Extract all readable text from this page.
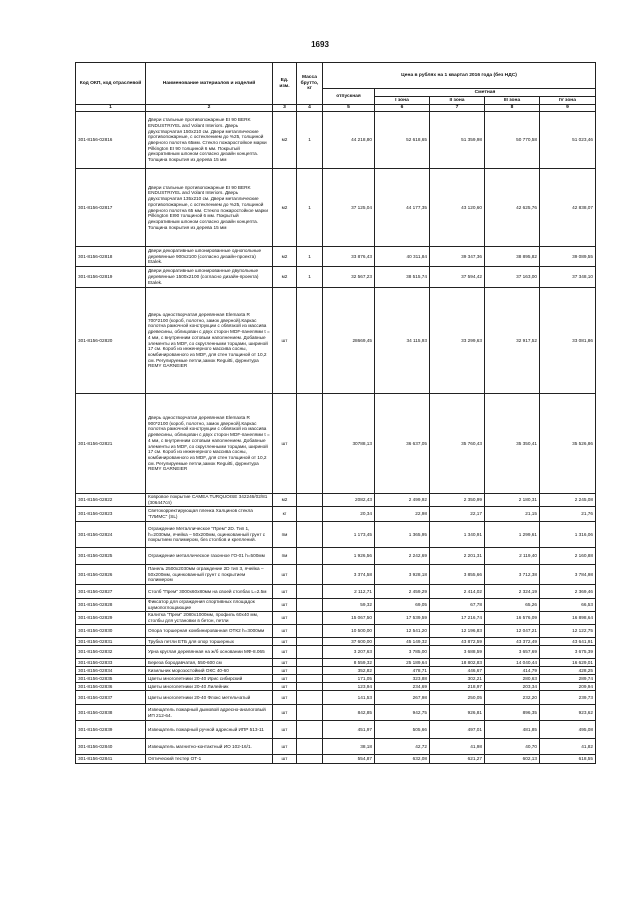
1693
Код ОКП, код отраслевой	Наименование материалов и изделий	Ед. изм.	Масса брутто, кг	Цена в рублях на 1 квартал 2016 года (без НДС)				
				отпускная	Сметная			
					I зона	II зона	III зона	IV зона
1	2	3	4	5	6	7	8	9
301-8156-02816	Двери стальные противопожарные EI 90 BERK ENDUSTRIYEL and Volant Interiors. Дверь двухстворчатая 150х210 см. Двери металлические противопожарные, с остеклением до %25, толщиной дверного полотна 65мм. Стекло пожаростойкое марки Pilkington EI 90 толщиной 6 мм. Покрытый декоративным шпоном согласно дизайн концепта. Толщина покрытия из дерева 15 мм	м2	1	44 218,80	52 618,65	51 359,98	50 770,58	51 023,46
301-8156-02817	Двери стальные противопожарные EI 90 BERK ENDUSTRIYEL and Volant Interiors. Дверь двухстворчатая 135х210 см. Двери металлические противопожарные, с остеклением до %25, толщиной дверного полотна 65 мм. Стекло пожаростойкое марки Pilkington EI90 толщиной 6 мм. Покрытый декоративным шпоном согласно дизайн концепта. Толщина покрытия из дерева 15 мм	м2	1	37 125,04	44 177,35	43 120,60	42 625,76	42 838,07
301-8156-02818	Двери декоративные шпонированные однопольные деревянные 900х2100 (согласно дизайн-проекта) Etalek.	м2	1	33 876,43	40 311,84	39 347,36	38 895,82	39 089,55
301-8156-02819	Двери декоративные шпонированные двупольные деревянные 1500х2100 (согласно дизайн-проекта) Etalek.	м2	1	32 567,23	38 515,74	37 594,42	37 163,00	37 348,10
301-8156-02820	Дверь одностворчатая деревянная Elemaxta R 700*2100 (короб, полотно, замок дверной).Каркас полотна рамочной конструкции с обвязкой из массива древесины, облицован с двух сторон MDF-панелями t = 4 мм, с внутренним сотовым наполнением. Добавные элементы из MDF, со скругленными торцами, шириной 17 см. Короб из инженерного массива сосны, комбинированного из MDF, для стен толщиной от 10,2 см. Регулируемые петли,замок Reguitti, фурнитура REMY GARNEIER	шт		28669,45	34 115,93	33 299,63	32 917,52	33 081,86
301-8156-02821	Дверь одностворчатая деревянная Elemaxta R 900*2100 (короб, полотно, замок дверной).Каркас полотна рамочной конструкции с обвязкой из массива древесины, облицован с двух сторон MDF-панелями t = 4 мм, с внутренним сотовым наполнением. Добавные элементы из MDF, со скругленными торцами, шириной 17 см. Короб из инженерного массива сосны, комбинированного из MDF, для стен толщиной от 10,2 см. Регулируемые петли,замок Reguitti, фурнитура REMY GARNEIER	шт		30788,13	36 637,05	35 760,43	35 350,41	35 526,86
301-8156-02822	Ковровое покрытие CAMEA TURQUOISE 342246/02/81 (306447сп)	м2		2082,43	2 499,92	2 350,99	2 180,31	2 245,08
301-8156-02823	Светокорректирующая пленка Халцинов стекла "ГЛИМС" (SL)	кг		20,34	22,98	22,17	21,15	21,76
301-8156-02824	Ограждение Металлическое "Прем" 2D. Тип 1, h=2030мм, ячейка – 50х200мм, оцинкованный грунт с покрытием полимером, без столбов и креплений.	пм		1 173,45	1 365,95	1 340,91	1 299,61	1 316,06
301-8156-02825	Ограждение металлическое газонное ГО-01 h=500мм	пм		1 926,56	2 242,69	2 201,31	2 119,40	2 160,88
301-8156-02826	Панель 2500х2030мм ограждение 2D тип 3, ячейка – 50х200мм, оцинкованный грунт с покрытием полимером	шт		3 374,58	3 928,18	3 855,66	3 712,38	3 784,98
301-8156-02827	Столб "Прем" 3000х60х80мм на своей столбах L=2.5м	шт		2 112,71	2 459,29	2 414,02	2 324,19	2 369,46
301-8156-02828	Фиксатор для ограждения спортивных площадок шумопоглощающие	шт		59,32	69,05	67,78	65,26	66,53
301-8156-02829	Калитка "Прем" 2080х1000мм, профиль 60х40 мм, столбы для установки в бетон, петли	шт		15 067,50	17 539,59	17 216,74	16 576,09	16 898,64
301-8156-02830	Опора торшерная комбинированная ОТК2 h=3000мм	шт		10 500,00	12 541,20	12 196,83	12 047,21	12 122,75
301-8156-02831	Трубка петли ЕТБ для опор торшерных	шт		37 600,00	45 149,32	43 872,59	43 372,49	43 641,91
301-8156-02832	Урна круглая деревянная на ж/б основании МФ-8.065	шт		3 207,63	3 785,00	3 688,59	3 657,69	3 675,39
301-8156-02833	Береза бородавчатая, 550-600 см	шт		8 559,32	25 189,64	18 802,83	14 040,44	16 629,01
301-8156-02834	Кизильник морозостойкий ОКС 40-60	шт		352,82	478,71	446,67	414,79	428,25
301-8156-02835	Цветы многолетники 20-40 Ирис сибирский	шт		171,05	323,88	302,21	280,63	289,74
301-8156-02836	Цветы многолетники 20-40 Лилейник	шт		123,94	234,69	218,97	203,34	209,94
301-8156-02837	Цветы многолетники 20-40 Флокс метельчатый	шт		141,53	267,98	250,05	232,20	239,73
301-8156-02838	Извещатель пожарный дымовой адресно-аналоговый ИП 212-64.	шт		842,85	942,75	926,81	896,35	923,62
301-8156-02839	Извещатель пожарный ручной адресный ИПР 513-11	шт		451,97	505,66	497,01	481,85	495,08
301-8156-02840	Извещатель магнитно-контактный ИО 102-16/1.	шт		38,18	42,72	41,98	40,70	41,82
301-8156-02841	Оптический тестер ОТ-1	шт		554,87	632,08	621,27	602,13	618,55
